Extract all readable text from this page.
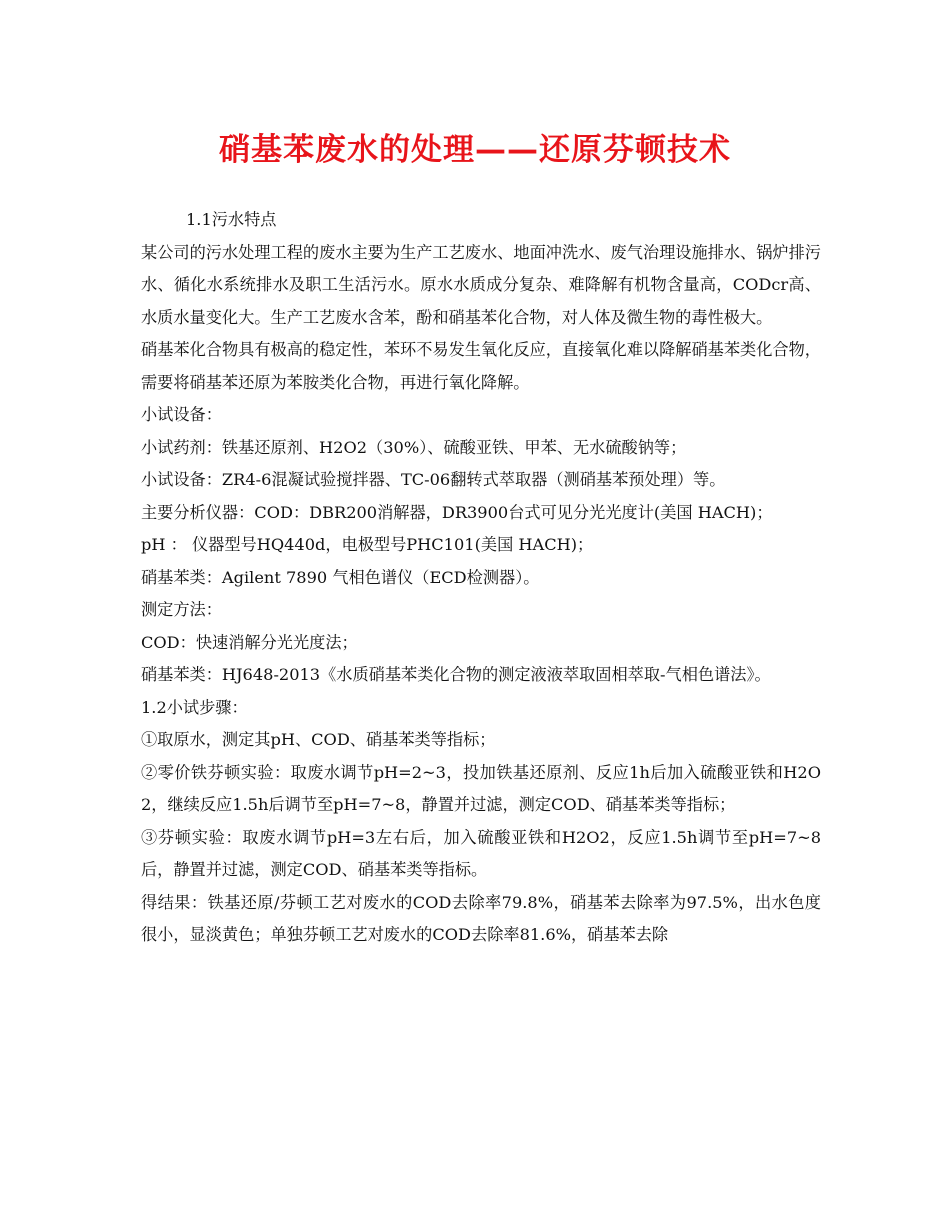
硝基苯废水的处理——还原芬顿技术

1.1污水特点

某公司的污水处理工程的废水主要为生产工艺废水、地面冲洗水、废气治理设施排水、锅炉排污水、循化水系统排水及职工生活污水。原水水质成分复杂、难降解有机物含量高，CODcr高、水质水量变化大。生产工艺废水含苯，酚和硝基苯化合物，对人体及微生物的毒性极大。

硝基苯化合物具有极高的稳定性，苯环不易发生氧化反应，直接氧化难以降解硝基苯类化合物，需要将硝基苯还原为苯胺类化合物，再进行氧化降解。

小试设备：

小试药剂：铁基还原剂、H2O2（30%）、硫酸亚铁、甲苯、无水硫酸钠等；

小试设备：ZR4-6混凝试验搅拌器、TC-06翻转式萃取器（测硝基苯预处理）等。

主要分析仪器：COD：DBR200消解器，DR3900台式可见分光光度计(美国 HACH)；

pH ： 仪器型号HQ440d，电极型号PHC101(美国 HACH)；

硝基苯类：Agilent 7890 气相色谱仪（ECD检测器）。

测定方法：

COD：快速消解分光光度法；

硝基苯类：HJ648-2013《水质硝基苯类化合物的测定液液萃取固相萃取-气相色谱法》。

1.2小试步骤：

①取原水，测定其pH、COD、硝基苯类等指标；

②零价铁芬顿实验：取废水调节pH=2~3，投加铁基还原剂、反应1h后加入硫酸亚铁和H2O2，继续反应1.5h后调节至pH=7~8，静置并过滤，测定COD、硝基苯类等指标；

③芬顿实验：取废水调节pH=3左右后，加入硫酸亚铁和H2O2，反应1.5h调节至pH=7~8后，静置并过滤，测定COD、硝基苯类等指标。

得结果：铁基还原/芬顿工艺对废水的COD去除率79.8%，硝基苯去除率为97.5%，出水色度很小，显淡黄色；单独芬顿工艺对废水的COD去除率81.6%，硝基苯去除
